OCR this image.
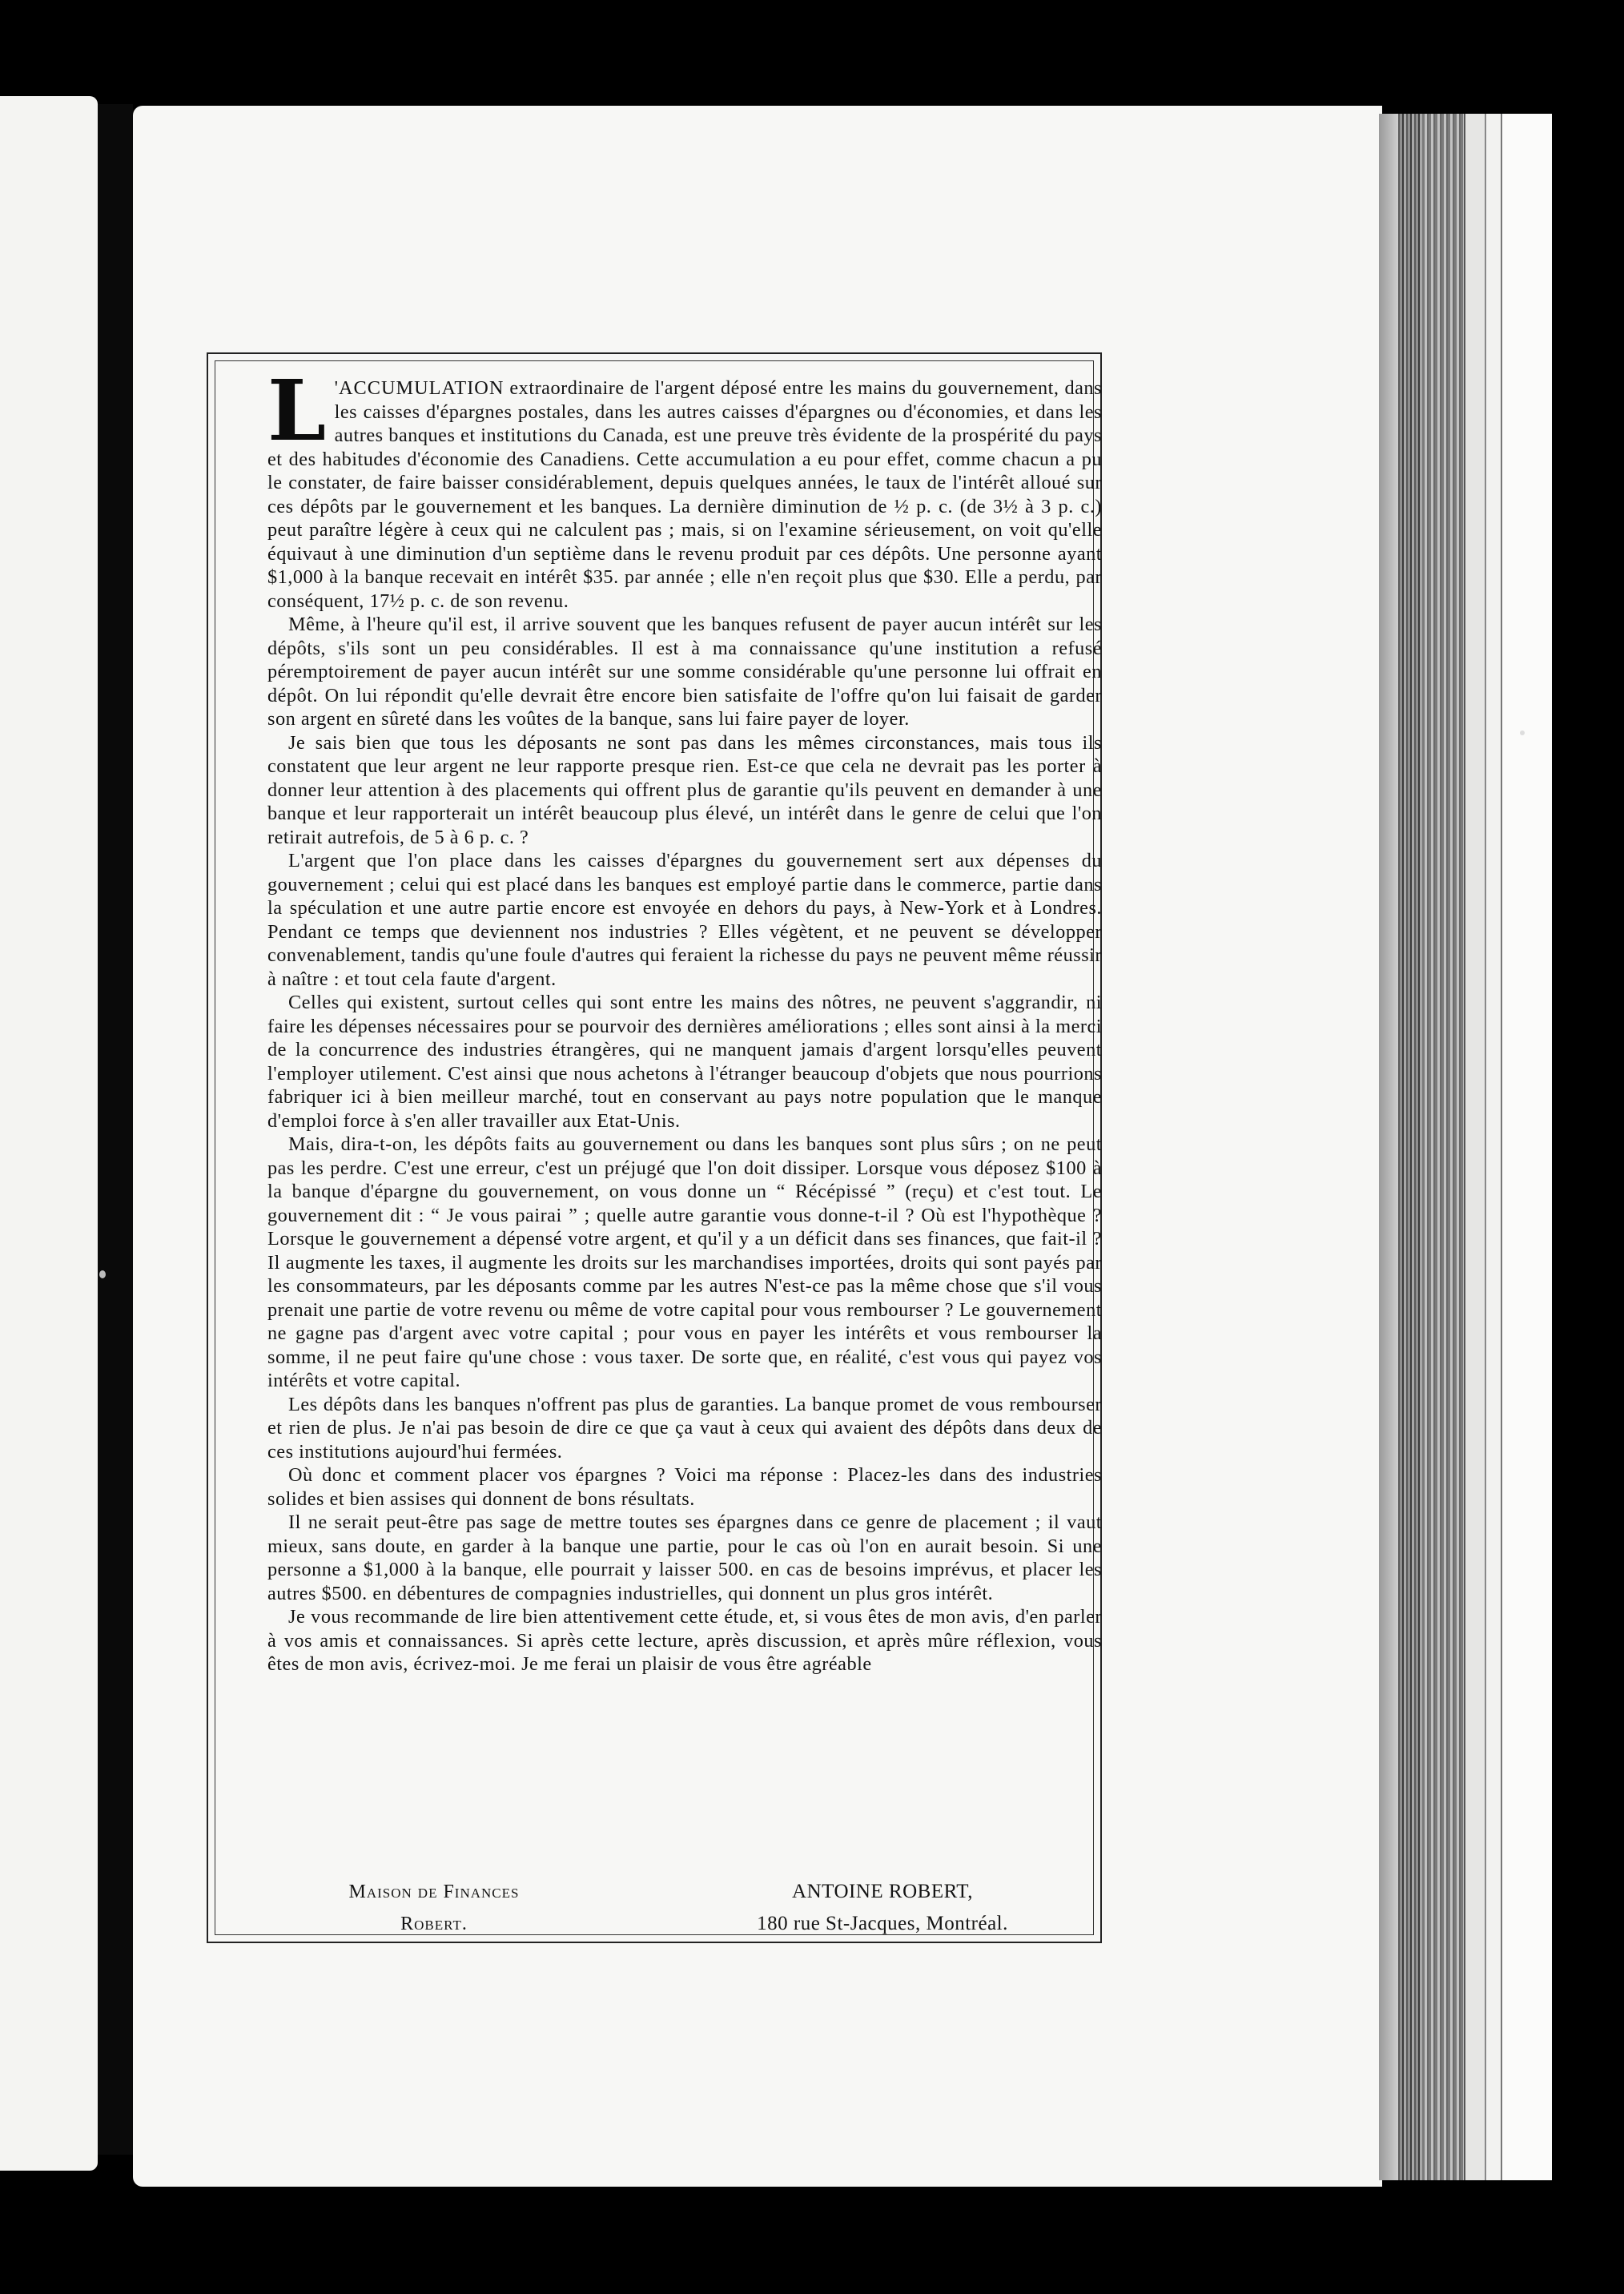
L 'ACCUMULATION extraordinaire de l'argent déposé entre les mains du gouvernement, dans les caisses d'épargnes postales, dans les autres caisses d'épargnes ou d'économies, et dans les autres banques et institutions du Canada, est une preuve très évidente de la prospérité du pays et des habitudes d'économie des Canadiens. Cette accumulation a eu pour effet, comme chacun a pu le constater, de faire baisser considérablement, depuis quelques années, le taux de l'intérêt alloué sur ces dépôts par le gouvernement et les banques. La dernière diminution de ½ p. c. (de 3½ à 3 p. c.) peut paraître légère à ceux qui ne calculent pas ; mais, si on l'examine sérieusement, on voit qu'elle équivaut à une diminution d'un septième dans le revenu produit par ces dépôts. Une personne ayant $1,000 à la banque recevait en intérêt $35. par année ; elle n'en reçoit plus que $30. Elle a perdu, par conséquent, 17½ p. c. de son revenu.

Même, à l'heure qu'il est, il arrive souvent que les banques refusent de payer aucun intérêt sur les dépôts, s'ils sont un peu considérables. Il est à ma connaissance qu'une institution a refusé péremptoirement de payer aucun intérêt sur une somme considérable qu'une personne lui offrait en dépôt. On lui répondit qu'elle devrait être encore bien satisfaite de l'offre qu'on lui faisait de garder son argent en sûreté dans les voûtes de la banque, sans lui faire payer de loyer.

Je sais bien que tous les déposants ne sont pas dans les mêmes circonstances, mais tous ils constatent que leur argent ne leur rapporte presque rien. Est-ce que cela ne devrait pas les porter à donner leur attention à des placements qui offrent plus de garantie qu'ils peuvent en demander à une banque et leur rapporterait un intérêt beaucoup plus élevé, un intérêt dans le genre de celui que l'on retirait autrefois, de 5 à 6 p. c. ?

L'argent que l'on place dans les caisses d'épargnes du gouvernement sert aux dépenses du gouvernement ; celui qui est placé dans les banques est employé partie dans le commerce, partie dans la spéculation et une autre partie encore est envoyée en dehors du pays, à New-York et à Londres. Pendant ce temps que deviennent nos industries ? Elles végètent, et ne peuvent se développer convenablement, tandis qu'une foule d'autres qui feraient la richesse du pays ne peuvent même réussir à naître : et tout cela faute d'argent.

Celles qui existent, surtout celles qui sont entre les mains des nôtres, ne peuvent s'aggrandir, ni faire les dépenses nécessaires pour se pourvoir des dernières améliorations ; elles sont ainsi à la merci de la concurrence des industries étrangères, qui ne manquent jamais d'argent lorsqu'elles peuvent l'employer utilement. C'est ainsi que nous achetons à l'étranger beaucoup d'objets que nous pourrions fabriquer ici à bien meilleur marché, tout en conservant au pays notre population que le manque d'emploi force à s'en aller travailler aux Etat-Unis.

Mais, dira-t-on, les dépôts faits au gouvernement ou dans les banques sont plus sûrs ; on ne peut pas les perdre. C'est une erreur, c'est un préjugé que l'on doit dissiper. Lorsque vous déposez $100 à la banque d'épargne du gouvernement, on vous donne un “ Récépissé ” (reçu) et c'est tout. Le gouvernement dit : “ Je vous pairai ” ; quelle autre garantie vous donne-t-il ? Où est l'hypothèque ? Lorsque le gouvernement a dépensé votre argent, et qu'il y a un déficit dans ses finances, que fait-il ? Il augmente les taxes, il augmente les droits sur les marchandises importées, droits qui sont payés par les consommateurs, par les déposants comme par les autres N'est-ce pas la même chose que s'il vous prenait une partie de votre revenu ou même de votre capital pour vous rembourser ? Le gouvernement ne gagne pas d'argent avec votre capital ; pour vous en payer les intérêts et vous rembourser la somme, il ne peut faire qu'une chose : vous taxer. De sorte que, en réalité, c'est vous qui payez vos intérêts et votre capital.

Les dépôts dans les banques n'offrent pas plus de garanties. La banque promet de vous rembourser et rien de plus. Je n'ai pas besoin de dire ce que ça vaut à ceux qui avaient des dépôts dans deux de ces institutions aujourd'hui fermées.

Où donc et comment placer vos épargnes ? Voici ma réponse : Placez-les dans des industries solides et bien assises qui donnent de bons résultats.

Il ne serait peut-être pas sage de mettre toutes ses épargnes dans ce genre de placement ; il vaut mieux, sans doute, en garder à la banque une partie, pour le cas où l'on en aurait besoin. Si une personne a $1,000 à la banque, elle pourrait y laisser 500. en cas de besoins imprévus, et placer les autres $500. en débentures de compagnies industrielles, qui donnent un plus gros intérêt.

Je vous recommande de lire bien attentivement cette étude, et, si vous êtes de mon avis, d'en parler à vos amis et connaissances. Si après cette lecture, après discussion, et après mûre réflexion, vous êtes de mon avis, écrivez-moi. Je me ferai un plaisir de vous être agréable

Maison de Finances
Robert.
ANTOINE ROBERT,
180 rue St-Jacques, Montréal.
